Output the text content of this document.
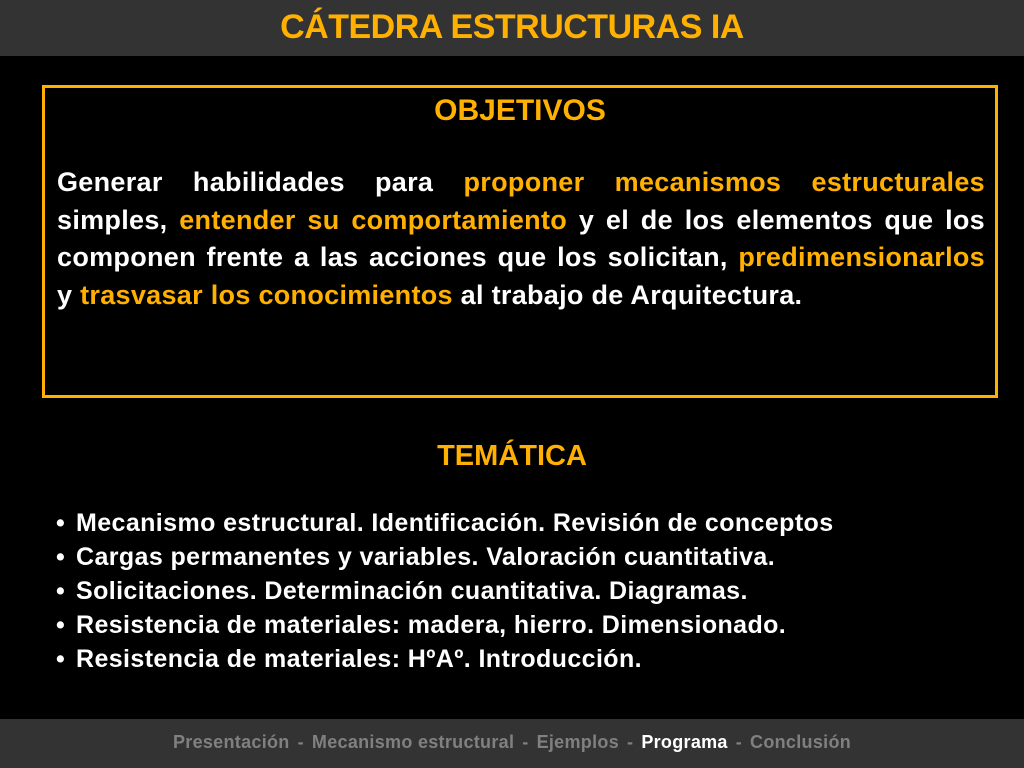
CÁTEDRA ESTRUCTURAS IA
OBJETIVOS
Generar habilidades para proponer mecanismos estructurales simples, entender su comportamiento y el de los elementos que los componen frente a las acciones que los solicitan, predimensionarlos y trasvasar los conocimientos al trabajo de Arquitectura.
TEMÁTICA
• Mecanismo estructural. Identificación. Revisión de conceptos
• Cargas permanentes y variables. Valoración cuantitativa.
• Solicitaciones. Determinación cuantitativa. Diagramas.
• Resistencia de materiales: madera, hierro. Dimensionado.
• Resistencia de materiales: HºAº. Introducción.
Presentación - Mecanismo estructural - Ejemplos - Programa - Conclusión
